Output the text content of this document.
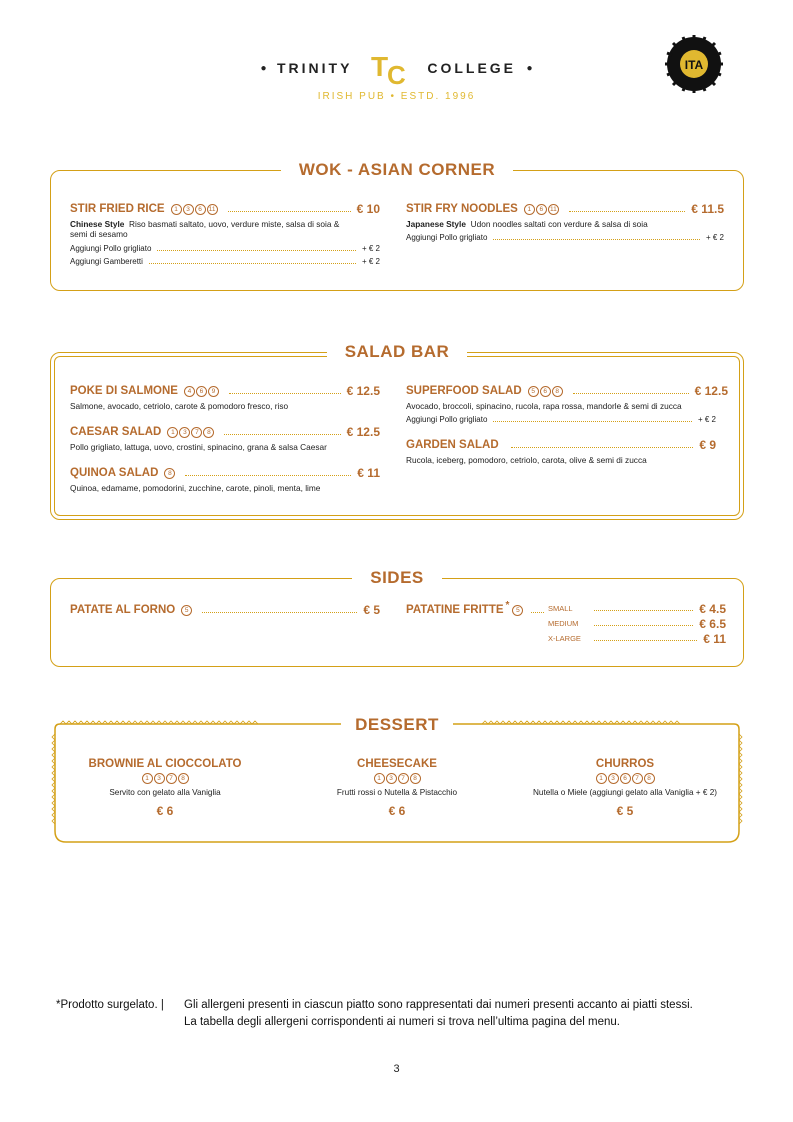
● TRINITY T
C COLLEGE ●
IRISH PUB • ESTD. 1996
ITA
WOK - ASIAN CORNER
STIR FRIED RICE	1	3	6	11	€ 10
Chinese Style Riso basmati saltato, uovo, verdure miste, salsa di soia & semi di sesamo
Aggiungi Pollo grigliato	+ € 2
Aggiungi Gamberetti	+ € 2
STIR FRY NOODLES	1	6	11	€ 11.5
Japanese Style Udon noodles saltati con verdure & salsa di soia
Aggiungi Pollo grigliato	+ € 2
SALAD BAR
POKE DI SALMONE	4	6	9	€ 12.5
Salmone, avocado, cetriolo, carote & pomodoro fresco, riso
CAESAR SALAD	1	3	7	8	€ 12.5
Pollo grigliato, lattuga, uovo, crostini, spinacino, grana & salsa Caesar
QUINOA SALAD	8	€ 11
Quinoa, edamame, pomodorini, zucchine, carote, pinoli, menta, lime
SUPERFOOD SALAD	5	6	8	€ 12.5
Avocado, broccoli, spinacino, rucola, rapa rossa, mandorle & semi di zucca
Aggiungi Pollo grigliato	+ € 2
GARDEN SALAD	€ 9
Rucola, iceberg, pomodoro, cetriolo, carota, olive & semi di zucca
SIDES
PATATE AL FORNO	5	€ 5 PATATINE FRITTE *	5	SMALL	€ 4.5
MEDIUM	€ 6.5
X-LARGE	€ 11
DESSERT
BROWNIE AL CIOCCOLATO
1	3	7	8
Servito con gelato alla Vaniglia
€ 6
CHEESECAKE
1	3	7	8
Frutti rossi o Nutella & Pistacchio
€ 6
CHURROS
1	3	6	7	8
Nutella o Miele (aggiungi gelato alla Vaniglia + € 2)
€ 5
*Prodotto surgelato. |	Gli allergeni presenti in ciascun piatto sono rappresentati dai numeri presenti accanto ai piatti stessi.
La tabella degli allergeni corrispondenti ai numeri si trova nell’ultima pagina del menu.
3
